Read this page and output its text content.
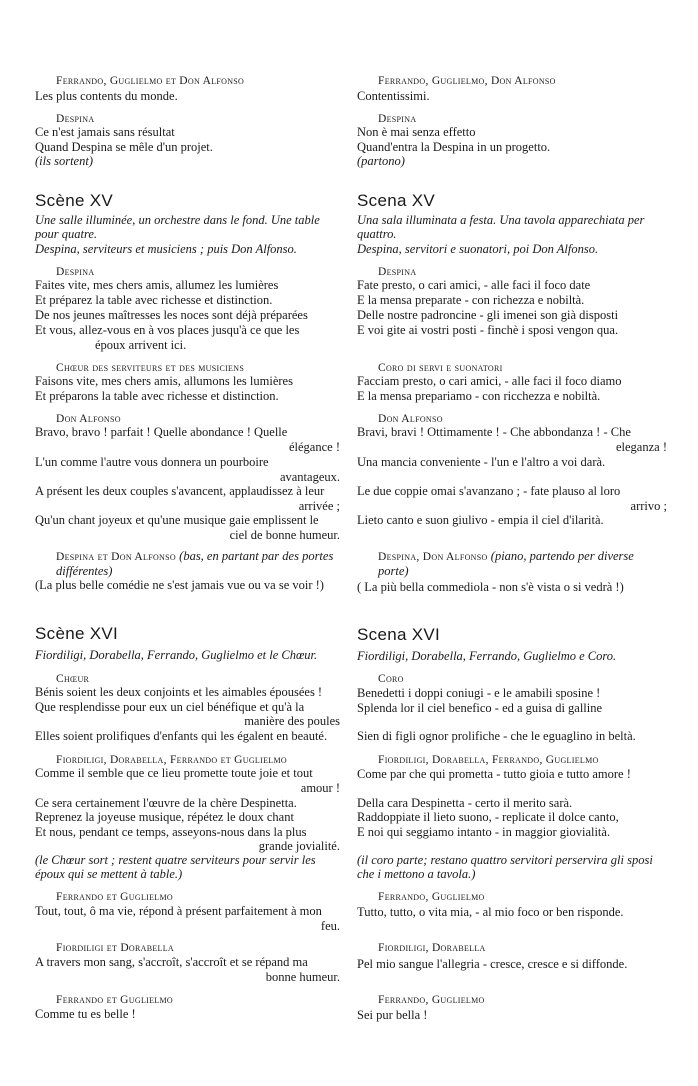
Ferrando, Guglielmo et Don Alfonso
Les plus contents du monde.
Despina
Ce n'est jamais sans résultat
Quand Despina se mêle d'un projet.
(ils sortent)
Scène XV
Une salle illuminée, un orchestre dans le fond. Une table
pour quatre.
Despina, serviteurs et musiciens ; puis Don Alfonso.
Despina
Faites vite, mes chers amis, allumez les lumières
Et préparez la table avec richesse et distinction.
De nos jeunes maîtresses les noces sont déjà préparées
Et vous, allez-vous en à vos places jusqu'à ce que les
époux arrivent ici.
Chœur des serviteurs et des musiciens
Faisons vite, mes chers amis, allumons les lumières
Et préparons la table avec richesse et distinction.
Don Alfonso
Bravo, bravo ! parfait ! Quelle abondance ! Quelle
élégance !
L'un comme l'autre vous donnera un pourboire
avantageux.
A présent les deux couples s'avancent, applaudissez à leur
arrivée ;
Qu'un chant joyeux et qu'une musique gaie emplissent le
ciel de bonne humeur.
Despina et Don Alfonso (bas, en partant par des portes différentes)
(La plus belle comédie ne s'est jamais vue ou va se voir !)
Scène XVI
Fiordiligi, Dorabella, Ferrando, Guglielmo et le Chœur.
Chœur
Bénis soient les deux conjoints et les aimables épousées !
Que resplendisse pour eux un ciel bénéfique et qu'à la
manière des poules
Elles soient prolifiques d'enfants qui les égalent en beauté.
Fiordiligi, Dorabella, Ferrando et Guglielmo
Comme il semble que ce lieu promette toute joie et tout
amour !
Ce sera certainement l'œuvre de la chère Despinetta.
Reprenez la joyeuse musique, répétez le doux chant
Et nous, pendant ce temps, asseyons-nous dans la plus
grande jovialité.
(le Chœur sort ; restent quatre serviteurs pour servir les
époux qui se mettent à table.)
Ferrando et Guglielmo
Tout, tout, ô ma vie, répond à présent parfaitement à mon
feu.
Fiordiligi et Dorabella
A travers mon sang, s'accroît, s'accroît et se répand ma
bonne humeur.
Ferrando et Guglielmo
Comme tu es belle !
Ferrando, Guglielmo, Don Alfonso
Contentissimi.
Despina
Non è mai senza effetto
Quand'entra la Despina in un progetto.
(partono)
Scena XV
Una sala illuminata a festa. Una tavola apparechiata per
quattro.
Despina, servitori e suonatori, poi Don Alfonso.
Despina
Fate presto, o cari amici, - alle faci il foco date
E la mensa preparate - con richezza e nobiltà.
Delle nostre padroncine - gli imenei son già disposti
E voi gite ai vostri posti - finchè i sposi vengon qua.
Coro di servi e suonatori
Facciam presto, o cari amici, - alle faci il foco diamo
E la mensa prepariamo - con ricchezza e nobiltà.
Don Alfonso
Bravi, bravi ! Ottimamente ! - Che abbondanza ! - Che
eleganza !
Una mancia conveniente - l'un e l'altro a voi darà.
Le due coppie omai s'avanzano ; - fate plauso al loro
arrivo ;
Lieto canto e suon giulivo - empia il ciel d'ilarità.
Despina, Don Alfonso (piano, partendo per diverse porte)
( La più bella commediola - non s'è vista o si vedrà !)
Scena XVI
Fiordiligi, Dorabella, Ferrando, Guglielmo e Coro.
Coro
Benedetti i doppi coniugi - e le amabili sposine !
Splenda lor il ciel benefico - ed a guisa di galline
Sien di figli ognor prolifiche - che le eguaglino in beltà.
Fiordiligi, Dorabella, Ferrando, Guglielmo
Come par che qui prometta - tutto gioia e tutto amore !
Della cara Despinetta - certo il merito sarà.
Raddoppiate il lieto suono, - replicate il dolce canto,
E noi qui seggiamo intanto - in maggior giovialità.
(il coro parte; restano quattro servitori perservira gli sposi
che i mettono a tavola.)
Ferrando, Guglielmo
Tutto, tutto, o vita mia, - al mio foco or ben risponde.
Fiordiligi, Dorabella
Pel mio sangue l'allegria - cresce, cresce e si diffonde.
Ferrando, Guglielmo
Sei pur bella !
